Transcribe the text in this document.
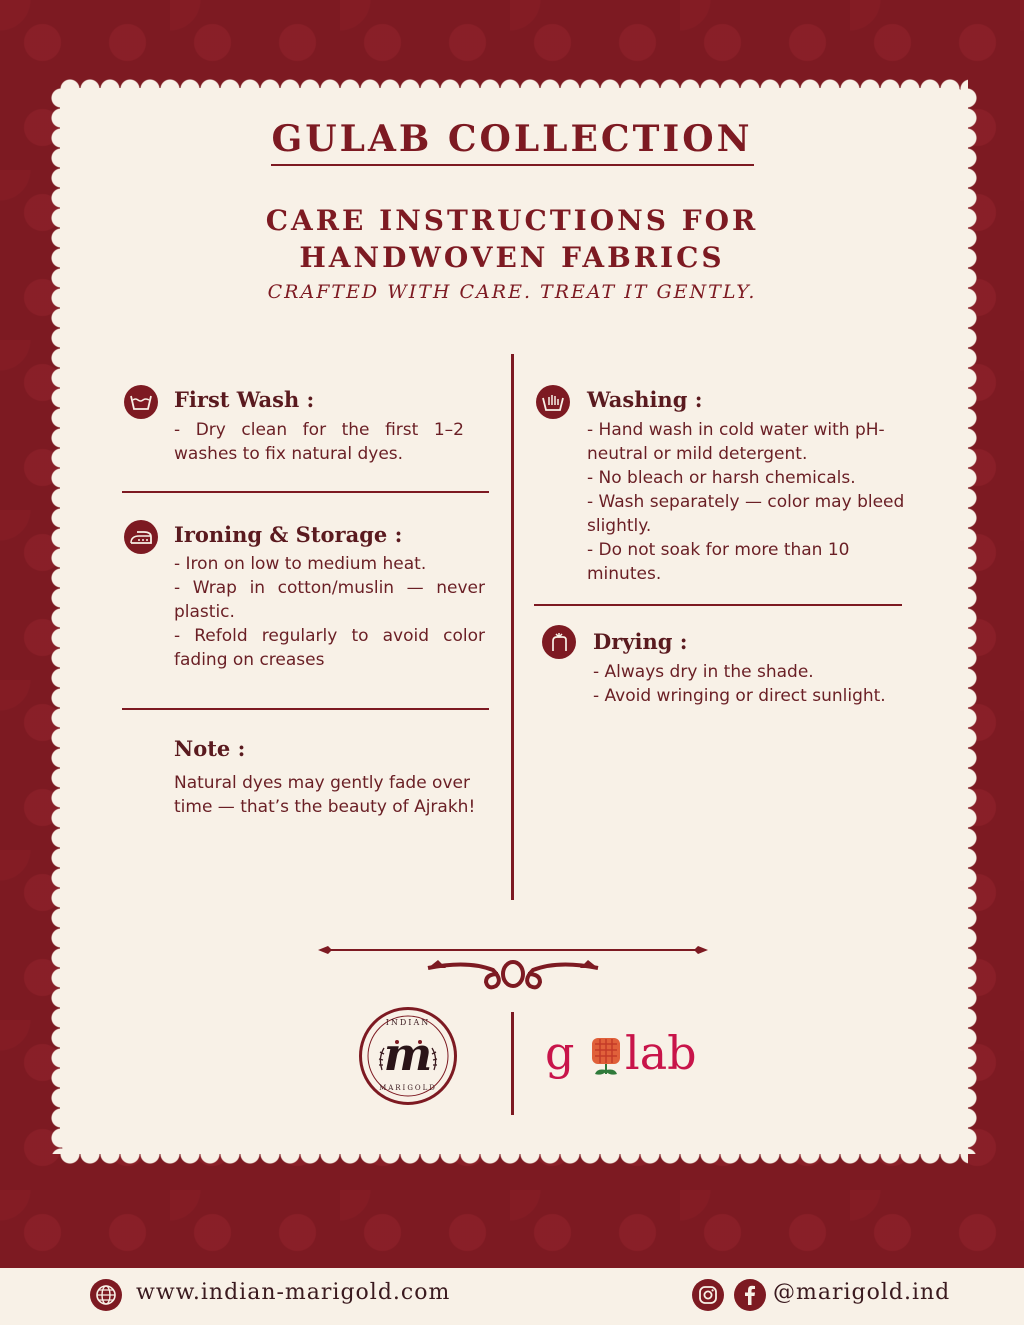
GULAB COLLECTION
CARE INSTRUCTIONS FOR
HANDWOVEN FABRICS
CRAFTED WITH CARE. TREAT IT GENTLY.
First Wash :
- Dry clean for the first 1–2 washes to fix natural dyes.
Ironing & Storage :
- Iron on low to medium heat.
- Wrap in cotton/muslin — never plastic.
- Refold regularly to avoid color fading on creases
Note :
Natural dyes may gently fade over time — that’s the beauty of Ajrakh!
Washing :
- Hand wash in cold water with pH-neutral or mild detergent.
- No bleach or harsh chemicals.
- Wash separately — color may bleed slightly.
- Do not soak for more than 10 minutes.
Drying :
- Always dry in the shade.
- Avoid wringing or direct sunlight.
INDIAN
m
MARIGOLD
g lab
www.indian-marigold.com	@marigold.ind
